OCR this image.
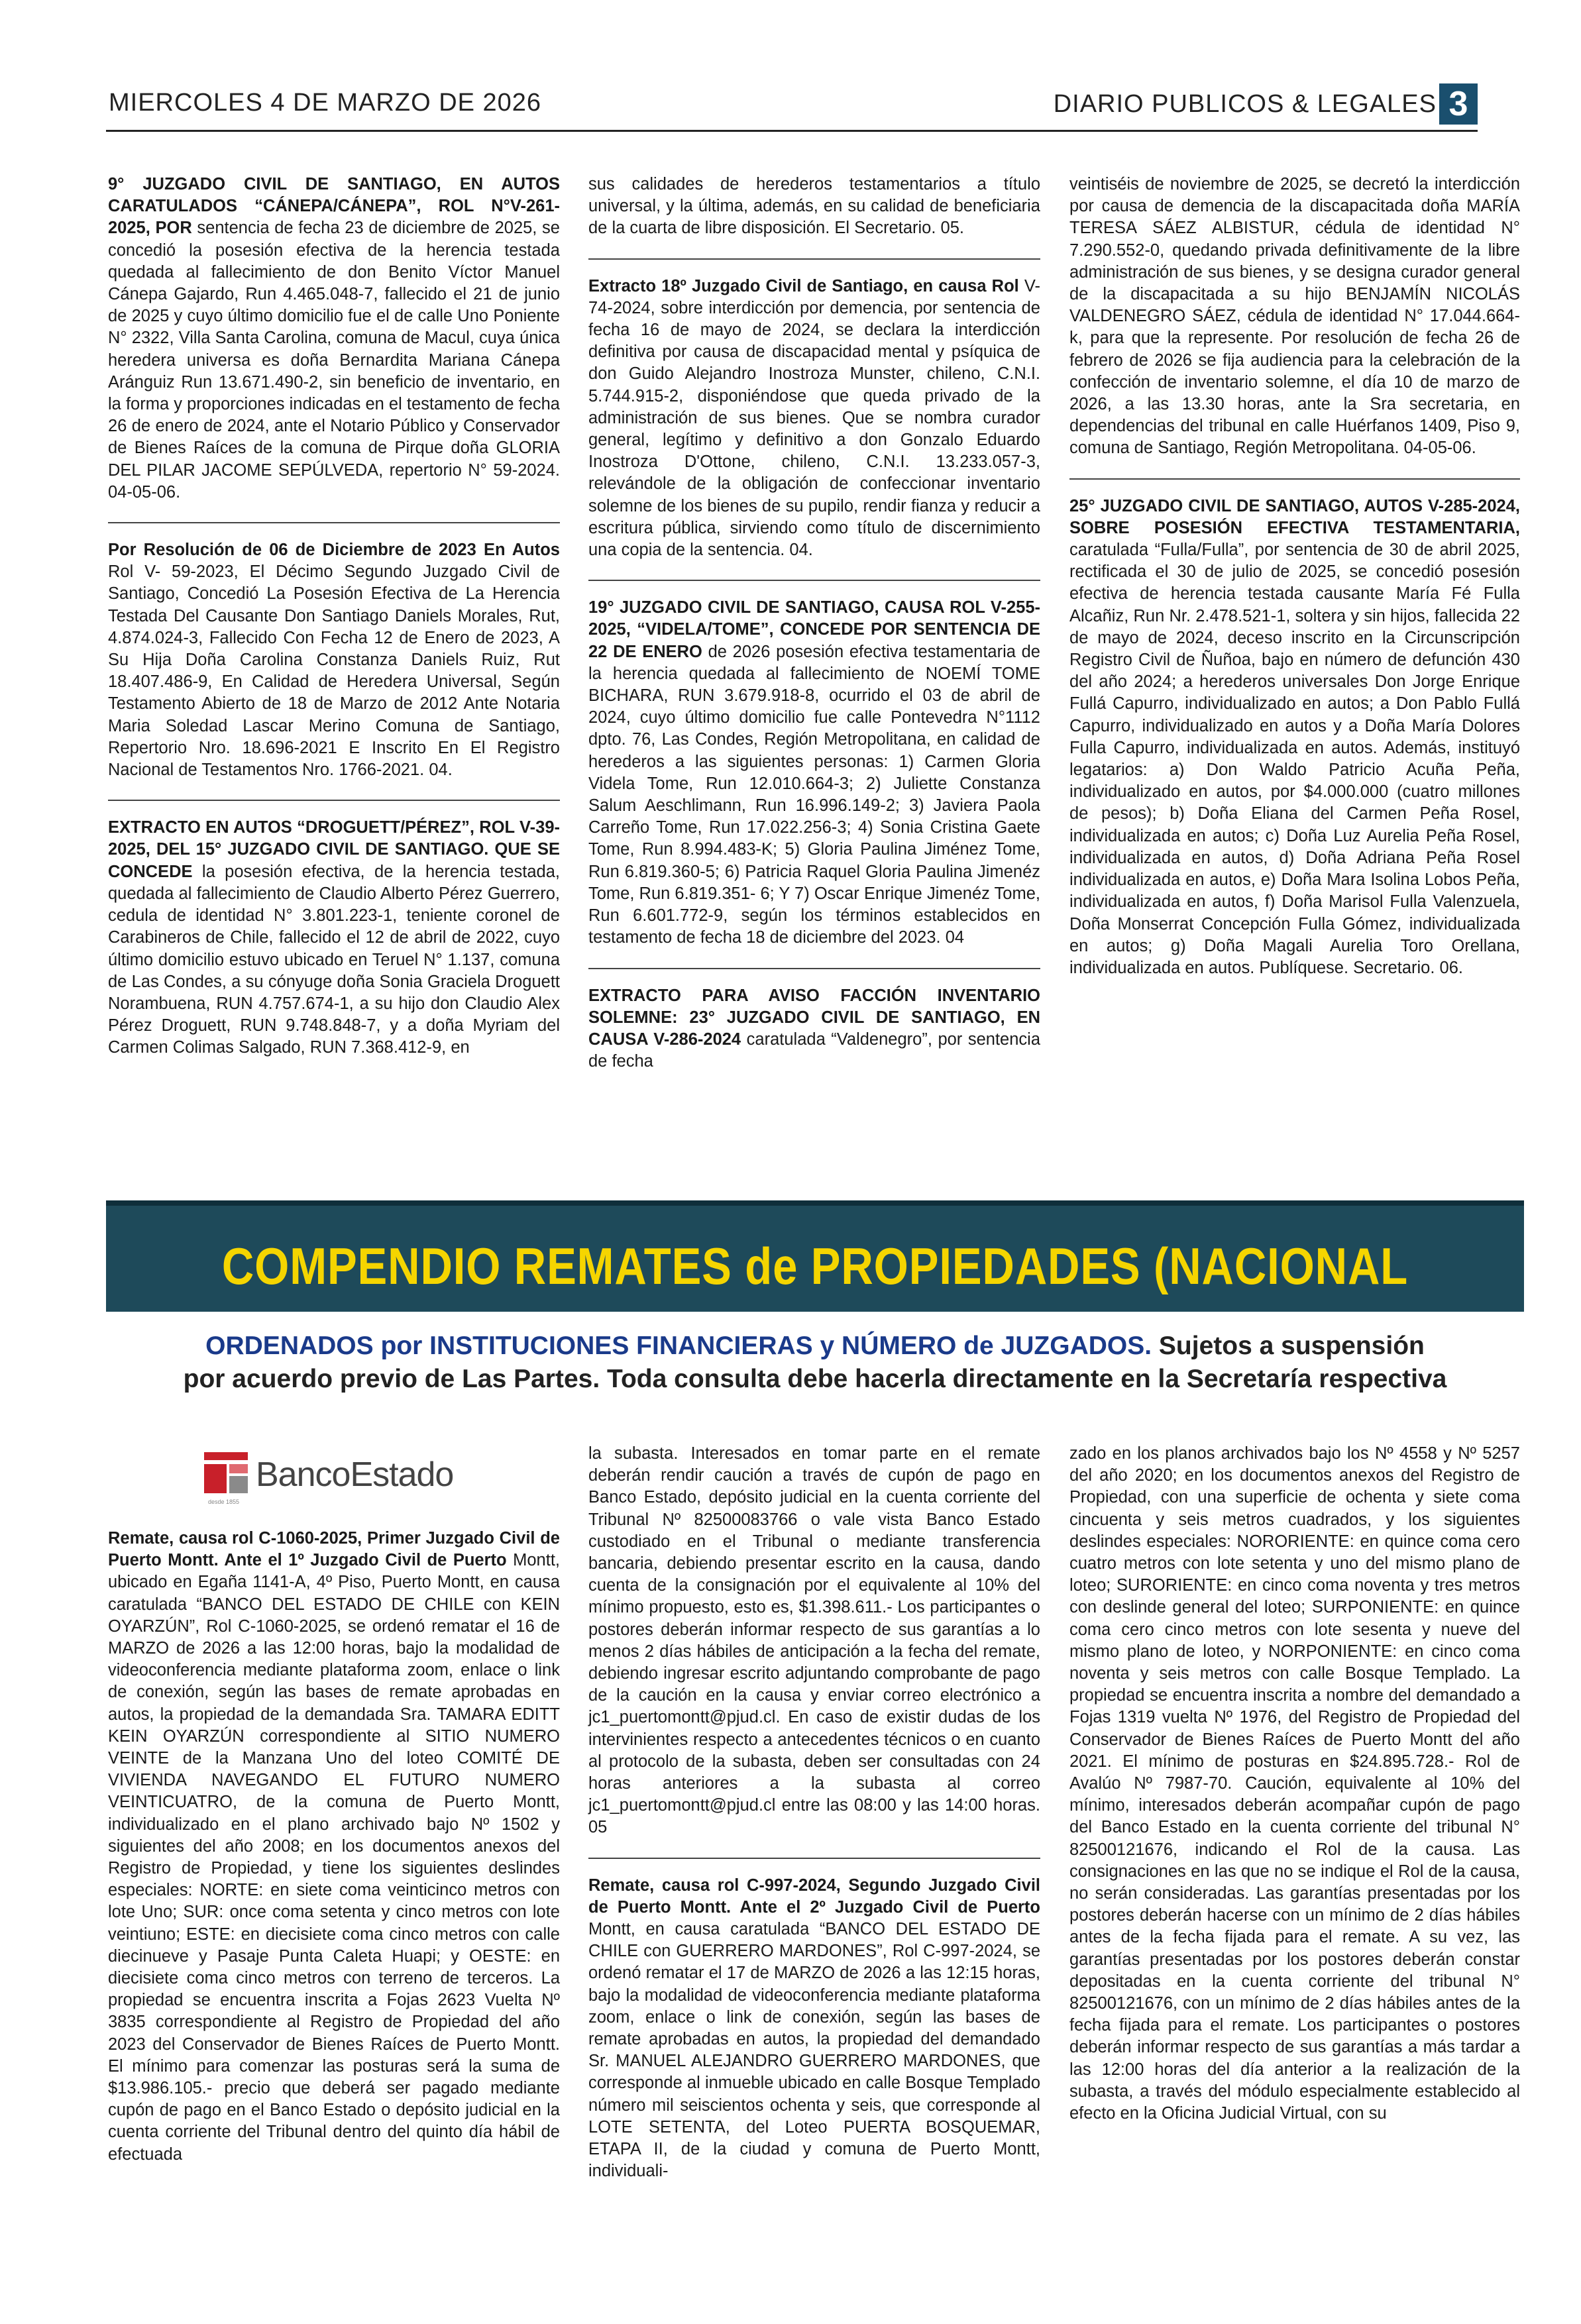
MIERCOLES 4 DE MARZO DE 2026	DIARIO PUBLICOS & LEGALES 3

9° JUZGADO CIVIL DE SANTIAGO, EN AUTOS CARATULADOS “CÁNEPA/CÁNEPA”, ROL N°V-261-2025, POR sentencia de fecha 23 de diciembre de 2025, se concedió la posesión efectiva de la herencia testada quedada al fallecimiento de don Benito Víctor Manuel Cánepa Gajardo, Run 4.465.048-7, fallecido el 21 de junio de 2025 y cuyo último domicilio fue el de calle Uno Poniente N° 2322, Villa Santa Carolina, comuna de Macul, cuya única heredera universa es doña Bernardita Mariana Cánepa Aránguiz Run 13.671.490-2, sin beneficio de inventario, en la forma y proporciones indicadas en el testamento de fecha 26 de enero de 2024, ante el Notario Público y Conservador de Bienes Raíces de la comuna de Pirque doña GLORIA DEL PILAR JACOME SEPÚLVEDA, repertorio N° 59-2024. 04-05-06.

Por Resolución de 06 de Diciembre de 2023 En Autos Rol V- 59-2023, El Décimo Segundo Juzgado Civil de Santiago, Concedió La Posesión Efectiva de La Herencia Testada Del Causante Don Santiago Daniels Morales, Rut, 4.874.024-3, Fallecido Con Fecha 12 de Enero de 2023, A Su Hija Doña Carolina Constanza Daniels Ruiz, Rut 18.407.486-9, En Calidad de Heredera Universal, Según Testamento Abierto de 18 de Marzo de 2012 Ante Notaria Maria Soledad Lascar Merino Comuna de Santiago, Repertorio Nro. 18.696-2021 E Inscrito En El Registro Nacional de Testamentos Nro. 1766-2021. 04.

EXTRACTO EN AUTOS “DROGUETT/PÉREZ”, ROL V-39-2025, DEL 15° JUZGADO CIVIL DE SANTIAGO. QUE SE CONCEDE la posesión efectiva, de la herencia testada, quedada al fallecimiento de Claudio Alberto Pérez Guerrero, cedula de identidad N° 3.801.223-1, teniente coronel de Carabineros de Chile, fallecido el 12 de abril de 2022, cuyo último domicilio estuvo ubicado en Teruel N° 1.137, comuna de Las Condes, a su cónyuge doña Sonia Graciela Droguett Norambuena, RUN 4.757.674-1, a su hijo don Claudio Alex Pérez Droguett, RUN 9.748.848-7, y a doña Myriam del Carmen Colimas Salgado, RUN 7.368.412-9, en

sus calidades de herederos testamentarios a título universal, y la última, además, en su calidad de beneficiaria de la cuarta de libre disposición. El Secretario. 05.

Extracto 18º Juzgado Civil de Santiago, en causa Rol V-74-2024, sobre interdicción por demencia, por sentencia de fecha 16 de mayo de 2024, se declara la interdicción definitiva por causa de discapacidad mental y psíquica de don Guido Alejandro Inostroza Munster, chileno, C.N.I. 5.744.915-2, disponiéndose que queda privado de la administración de sus bienes. Que se nombra curador general, legítimo y definitivo a don Gonzalo Eduardo Inostroza D'Ottone, chileno, C.N.I. 13.233.057-3, relevándole de la obligación de confeccionar inventario solemne de los bienes de su pupilo, rendir fianza y reducir a escritura pública, sirviendo como título de discernimiento una copia de la sentencia. 04.

19° JUZGADO CIVIL DE SANTIAGO, CAUSA ROL V-255-2025, “VIDELA/TOME”, CONCEDE POR SENTENCIA DE 22 DE ENERO de 2026 posesión efectiva testamentaria de la herencia quedada al fallecimiento de NOEMÍ TOME BICHARA, RUN 3.679.918-8, ocurrido el 03 de abril de 2024, cuyo último domicilio fue calle Pontevedra N°1112 dpto. 76, Las Condes, Región Metropolitana, en calidad de herederos a las siguientes personas: 1) Carmen Gloria Videla Tome, Run 12.010.664-3; 2) Juliette Constanza Salum Aeschlimann, Run 16.996.149-2; 3) Javiera Paola Carreño Tome, Run 17.022.256-3; 4) Sonia Cristina Gaete Tome, Run 8.994.483-K; 5) Gloria Paulina Jiménez Tome, Run 6.819.360-5; 6) Patricia Raquel Gloria Paulina Jimenéz Tome, Run 6.819.351- 6; Y 7) Oscar Enrique Jimenéz Tome, Run 6.601.772-9, según los términos establecidos en testamento de fecha 18 de diciembre del 2023. 04

EXTRACTO PARA AVISO FACCIÓN INVENTARIO SOLEMNE: 23° JUZGADO CIVIL DE SANTIAGO, EN CAUSA V-286-2024 caratulada “Valdenegro”, por sentencia de fecha

veintiséis de noviembre de 2025, se decretó la interdicción por causa de demencia de la discapacitada doña MARÍA TERESA SÁEZ ALBISTUR, cédula de identidad N° 7.290.552-0, quedando privada definitivamente de la libre administración de sus bienes, y se designa curador general de la discapacitada a su hijo BENJAMÍN NICOLÁS VALDENEGRO SÁEZ, cédula de identidad N° 17.044.664-k, para que la represente. Por resolución de fecha 26 de febrero de 2026 se fija audiencia para la celebración de la confección de inventario solemne, el día 10 de marzo de 2026, a las 13.30 horas, ante la Sra secretaria, en dependencias del tribunal en calle Huérfanos 1409, Piso 9, comuna de Santiago, Región Metropolitana. 04-05-06.

25° JUZGADO CIVIL DE SANTIAGO, AUTOS V-285-2024, SOBRE POSESIÓN EFECTIVA TESTAMENTARIA, caratulada “Fulla/Fulla”, por sentencia de 30 de abril 2025, rectificada el 30 de julio de 2025, se concedió posesión efectiva de herencia testada causante María Fé Fulla Alcañiz, Run Nr. 2.478.521-1, soltera y sin hijos, fallecida 22 de mayo de 2024, deceso inscrito en la Circunscripción Registro Civil de Ñuñoa, bajo en número de defunción 430 del año 2024; a herederos universales Don Jorge Enrique Fullá Capurro, individualizado en autos; a Don Pablo Fullá Capurro, individualizado en autos y a Doña María Dolores Fulla Capurro, individualizada en autos. Además, instituyó legatarios: a) Don Waldo Patricio Acuña Peña, individualizado en autos, por $4.000.000 (cuatro millones de pesos); b) Doña Eliana del Carmen Peña Rosel, individualizada en autos; c) Doña Luz Aurelia Peña Rosel, individualizada en autos, d) Doña Adriana Peña Rosel individualizada en autos, e) Doña Mara Isolina Lobos Peña, individualizada en autos, f) Doña Marisol Fulla Valenzuela, Doña Monserrat Concepción Fulla Gómez, individualizada en autos; g) Doña Magali Aurelia Toro Orellana, individualizada en autos. Publíquese. Secretario. 06.

COMPENDIO REMATES de PROPIEDADES (NACIONAL
ORDENADOS por INSTITUCIONES FINANCIERAS y NÚMERO de JUZGADOS. Sujetos a suspensión
por acuerdo previo de Las Partes. Toda consulta debe hacerla directamente en la Secretaría respectiva
BancoEstado
desde 1855

Remate, causa rol C-1060-2025, Primer Juzgado Civil de Puerto Montt. Ante el 1º Juzgado Civil de Puerto Montt, ubicado en Egaña 1141-A, 4º Piso, Puerto Montt, en causa caratulada “BANCO DEL ESTADO DE CHILE con KEIN OYARZÚN”, Rol C-1060-2025, se ordenó rematar el 16 de MARZO de 2026 a las 12:00 horas, bajo la modalidad de videoconferencia mediante plataforma zoom, enlace o link de conexión, según las bases de remate aprobadas en autos, la propiedad de la demandada Sra. TAMARA EDITT KEIN OYARZÚN correspondiente al SITIO NUMERO VEINTE de la Manzana Uno del loteo COMITÉ DE VIVIENDA NAVEGANDO EL FUTURO NUMERO VEINTICUATRO, de la comuna de Puerto Montt, individualizado en el plano archivado bajo Nº 1502 y siguientes del año 2008; en los documentos anexos del Registro de Propiedad, y tiene los siguientes deslindes especiales: NORTE: en siete coma veinticinco metros con lote Uno; SUR: once coma setenta y cinco metros con lote veintiuno; ESTE: en diecisiete coma cinco metros con calle diecinueve y Pasaje Punta Caleta Huapi; y OESTE: en diecisiete coma cinco metros con terreno de terceros. La propiedad se encuentra inscrita a Fojas 2623 Vuelta Nº 3835 correspondiente al Registro de Propiedad del año 2023 del Conservador de Bienes Raíces de Puerto Montt. El mínimo para comenzar las posturas será la suma de $13.986.105.- precio que deberá ser pagado mediante cupón de pago en el Banco Estado o depósito judicial en la cuenta corriente del Tribunal dentro del quinto día hábil de efectuada

la subasta. Interesados en tomar parte en el remate deberán rendir caución a través de cupón de pago en Banco Estado, depósito judicial en la cuenta corriente del Tribunal Nº 82500083766 o vale vista Banco Estado custodiado en el Tribunal o mediante transferencia bancaria, debiendo presentar escrito en la causa, dando cuenta de la consignación por el equivalente al 10% del mínimo propuesto, esto es, $1.398.611.- Los participantes o postores deberán informar respecto de sus garantías a lo menos 2 días hábiles de anticipación a la fecha del remate, debiendo ingresar escrito adjuntando comprobante de pago de la caución en la causa y enviar correo electrónico a jc1_puertomontt@pjud.cl. En caso de existir dudas de los intervinientes respecto a antecedentes técnicos o en cuanto al protocolo de la subasta, deben ser consultadas con 24 horas anteriores a la subasta al correo jc1_puertomontt@pjud.cl entre las 08:00 y las 14:00 horas. 05

Remate, causa rol C-997-2024, Segundo Juzgado Civil de Puerto Montt. Ante el 2º Juzgado Civil de Puerto Montt, en causa caratulada “BANCO DEL ESTADO DE CHILE con GUERRERO MARDONES”, Rol C-997-2024, se ordenó rematar el 17 de MARZO de 2026 a las 12:15 horas, bajo la modalidad de videoconferencia mediante plataforma zoom, enlace o link de conexión, según las bases de remate aprobadas en autos, la propiedad del demandado Sr. MANUEL ALEJANDRO GUERRERO MARDONES, que corresponde al inmueble ubicado en calle Bosque Templado número mil seiscientos ochenta y seis, que corresponde al LOTE SETENTA, del Loteo PUERTA BOSQUEMAR, ETAPA II, de la ciudad y comuna de Puerto Montt, individuali-

zado en los planos archivados bajo los Nº 4558 y Nº 5257 del año 2020; en los documentos anexos del Registro de Propiedad, con una superficie de ochenta y siete coma cincuenta y seis metros cuadrados, y los siguientes deslindes especiales: NORORIENTE: en quince coma cero cuatro metros con lote setenta y uno del mismo plano de loteo; SURORIENTE: en cinco coma noventa y tres metros con deslinde general del loteo; SURPONIENTE: en quince coma cero cinco metros con lote sesenta y nueve del mismo plano de loteo, y NORPONIENTE: en cinco coma noventa y seis metros con calle Bosque Templado. La propiedad se encuentra inscrita a nombre del demandado a Fojas 1319 vuelta Nº 1976, del Registro de Propiedad del Conservador de Bienes Raíces de Puerto Montt del año 2021. El mínimo de posturas en $24.895.728.- Rol de Avalúo Nº 7987-70. Caución, equivalente al 10% del mínimo, interesados deberán acompañar cupón de pago del Banco Estado en la cuenta corriente del tribunal N° 82500121676, indicando el Rol de la causa. Las consignaciones en las que no se indique el Rol de la causa, no serán consideradas. Las garantías presentadas por los postores deberán hacerse con un mínimo de 2 días hábiles antes de la fecha fijada para el remate. A su vez, las garantías presentadas por los postores deberán constar depositadas en la cuenta corriente del tribunal N° 82500121676, con un mínimo de 2 días hábiles antes de la fecha fijada para el remate. Los participantes o postores deberán informar respecto de sus garantías a más tardar a las 12:00 horas del día anterior a la realización de la subasta, a través del módulo especialmente establecido al efecto en la Oficina Judicial Virtual, con su
